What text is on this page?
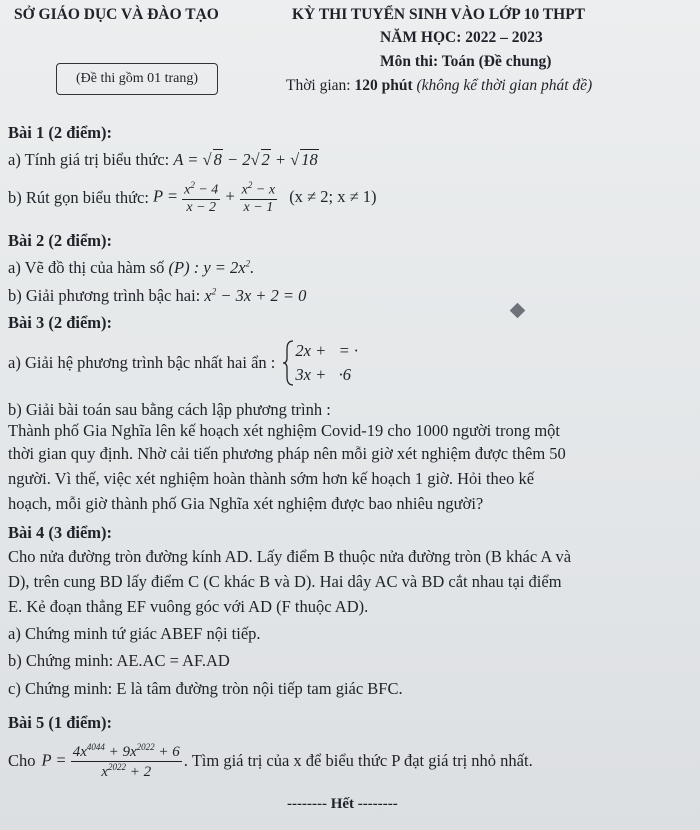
SỞ GIÁO DỤC VÀ ĐÀO TẠO	KỲ THI TUYỂN SINH VÀO LỚP 10 THPT
NĂM HỌC: 2022 – 2023
Môn thi: Toán (Đề chung)
(Đề thi gồm 01 trang)	Thời gian: 120 phút (không kể thời gian phát đề)
Bài 1 (2 điểm):
a) Tính giá trị biểu thức: A = √ 8 − 2√ 2 + √ 18
b) Rút gọn biểu thức: $P = \frac{x^2 - 4}{x - 2} + \frac{x^2 - x}{x - 1} (x \ne 2$; x ≠ 1)
Bài 2 (2 điểm):
a) Vẽ đồ thị của hàm số (P) : $y = 2x^2$.
b) Giải phương trình bậc hai: $x^2 - 3x + 2 = 0$
Bài 3 (2 điểm):
a) Giải hệ phương trình bậc nhất hai ẩn :
2x +   = ·
3x +   ·6
b) Giải bài toán sau bằng cách lập phương trình :
Thành phố Gia Nghĩa lên kế hoạch xét nghiệm Covid-19 cho 1000 người trong một
thời gian quy định. Nhờ cải tiến phương pháp nên mỗi giờ xét nghiệm được thêm 50
người. Vì thế, việc xét nghiệm hoàn thành sớm hơn kế hoạch 1 giờ. Hỏi theo kế
hoạch, mỗi giờ thành phố Gia Nghĩa xét nghiệm được bao nhiêu người?
Bài 4 (3 điểm):
Cho nửa đường tròn đường kính AD. Lấy điểm B thuộc nửa đường tròn (B khác A và
D), trên cung BD lấy điểm C (C khác B và D). Hai dây AC và BD cắt nhau tại điểm
E. Kẻ đoạn thẳng EF vuông góc với AD (F thuộc AD).
a) Chứng minh tứ giác ABEF nội tiếp.
b) Chứng minh: AE.AC = AF.AD
c) Chứng minh: E là tâm đường tròn nội tiếp tam giác BFC.
Bài 5 (1 điểm):
Cho $P = \frac{4x^{4044} + 9x^{2022} + 6}{x^{2022} + 2}$ . Tìm giá trị của x để biểu thức P đạt giá trị nhỏ nhất.
-------- Hết --------
